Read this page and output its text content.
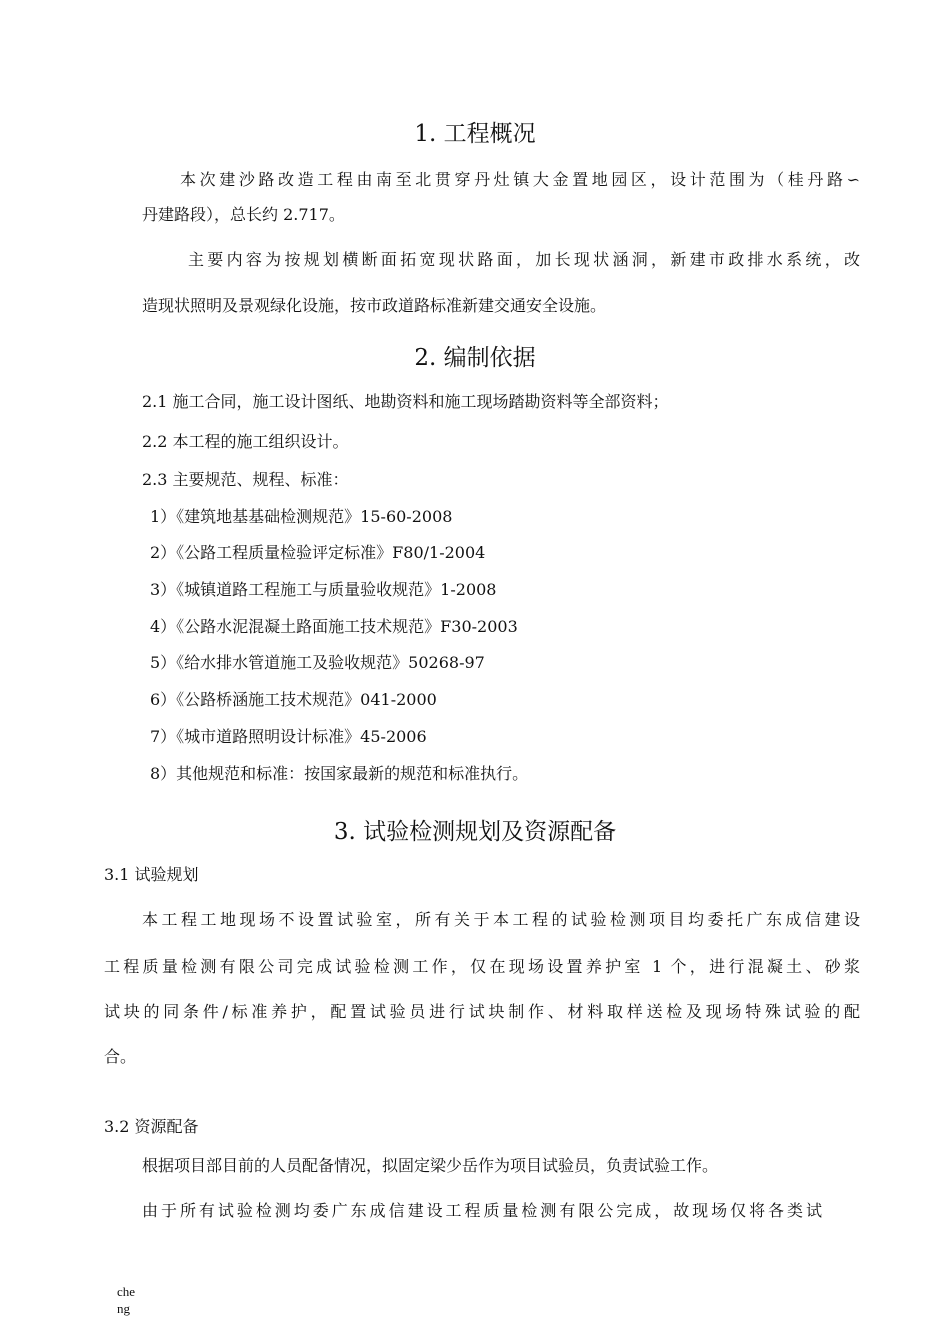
1. 工程概况
本次建沙路改造工程由南至北贯穿丹灶镇大金置地园区，设计范围为（桂丹路∽
丹建路段），总长约 2.717。
主要内容为按规划横断面拓宽现状路面，加长现状涵洞，新建市政排水系统，改
造现状照明及景观绿化设施，按市政道路标准新建交通安全设施。
2. 编制依据
2.1 施工合同，施工设计图纸、地勘资料和施工现场踏勘资料等全部资料；
2.2 本工程的施工组织设计。
2.3 主要规范、规程、标准：
1）《建筑地基基础检测规范》15-60-2008
2）《公路工程质量检验评定标准》F80/1-2004
3）《城镇道路工程施工与质量验收规范》1-2008
4）《公路水泥混凝土路面施工技术规范》F30-2003
5）《给水排水管道施工及验收规范》50268-97
6）《公路桥涵施工技术规范》041-2000
7）《城市道路照明设计标准》45-2006
8）其他规范和标准：按国家最新的规范和标准执行。
3. 试验检测规划及资源配备
3.1 试验规划
本工程工地现场不设置试验室，所有关于本工程的试验检测项目均委托广东成信建设
工程质量检测有限公司完成试验检测工作，仅在现场设置养护室 1 个，进行混凝土、砂浆
试块的同条件/标准养护，配置试验员进行试块制作、材料取样送检及现场特殊试验的配
合。
3.2 资源配备
根据项目部目前的人员配备情况，拟固定梁少岳作为项目试验员，负责试验工作。
由于所有试验检测均委广东成信建设工程质量检测有限公完成，故现场仅将各类试
cheng
